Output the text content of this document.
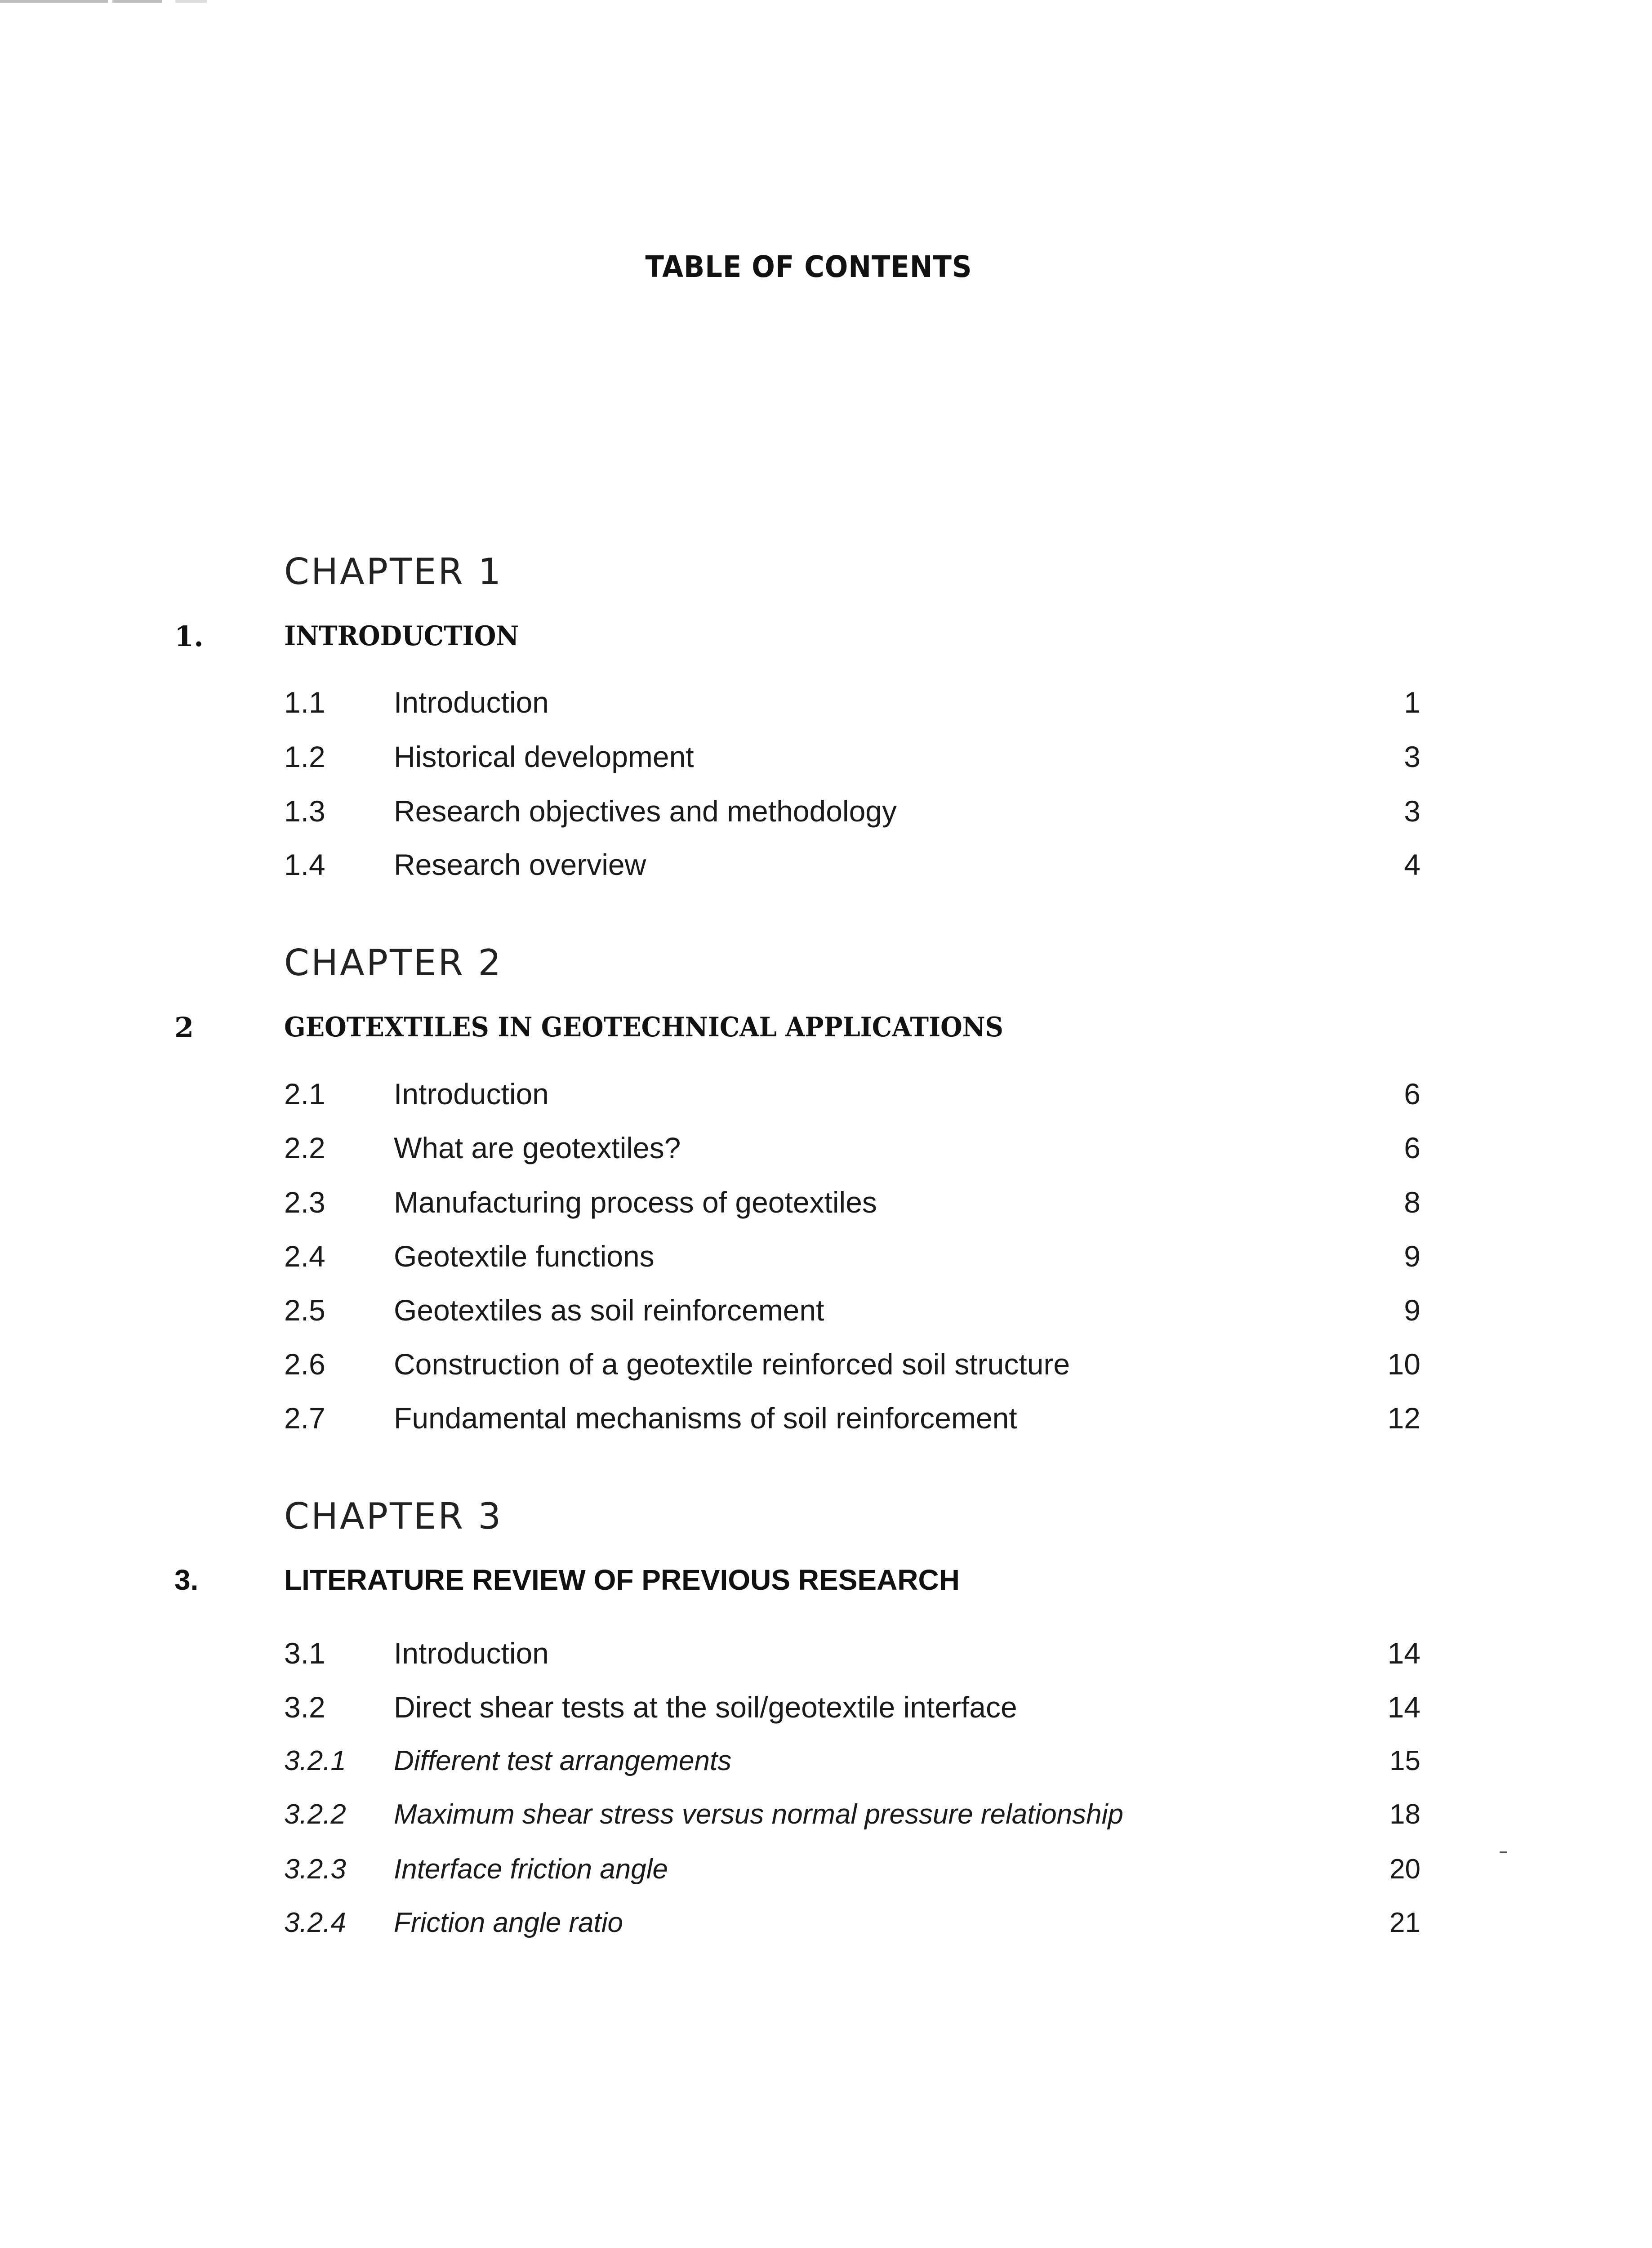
TABLE OF CONTENTS
CHAPTER 1
1.	INTRODUCTION
1.1 Introduction	1
1.2 Historical development	3
1.3 Research objectives and methodology	3
1.4 Research overview	4
CHAPTER 2
2	GEOTEXTILES IN GEOTECHNICAL APPLICATIONS
2.1 Introduction	6
2.2 What are geotextiles?	6
2.3 Manufacturing process of geotextiles	8
2.4 Geotextile functions	9
2.5 Geotextiles as soil reinforcement	9
2.6 Construction of a geotextile reinforced soil structure	10
2.7 Fundamental mechanisms of soil reinforcement	12
CHAPTER 3
3.	LITERATURE REVIEW OF PREVIOUS RESEARCH
3.1 Introduction	14
3.2 Direct shear tests at the soil/geotextile interface	14
3.2.1 Different test arrangements	15
3.2.2 Maximum shear stress versus normal pressure relationship	18
3.2.3 Interface friction angle	20
3.2.4 Friction angle ratio	21
